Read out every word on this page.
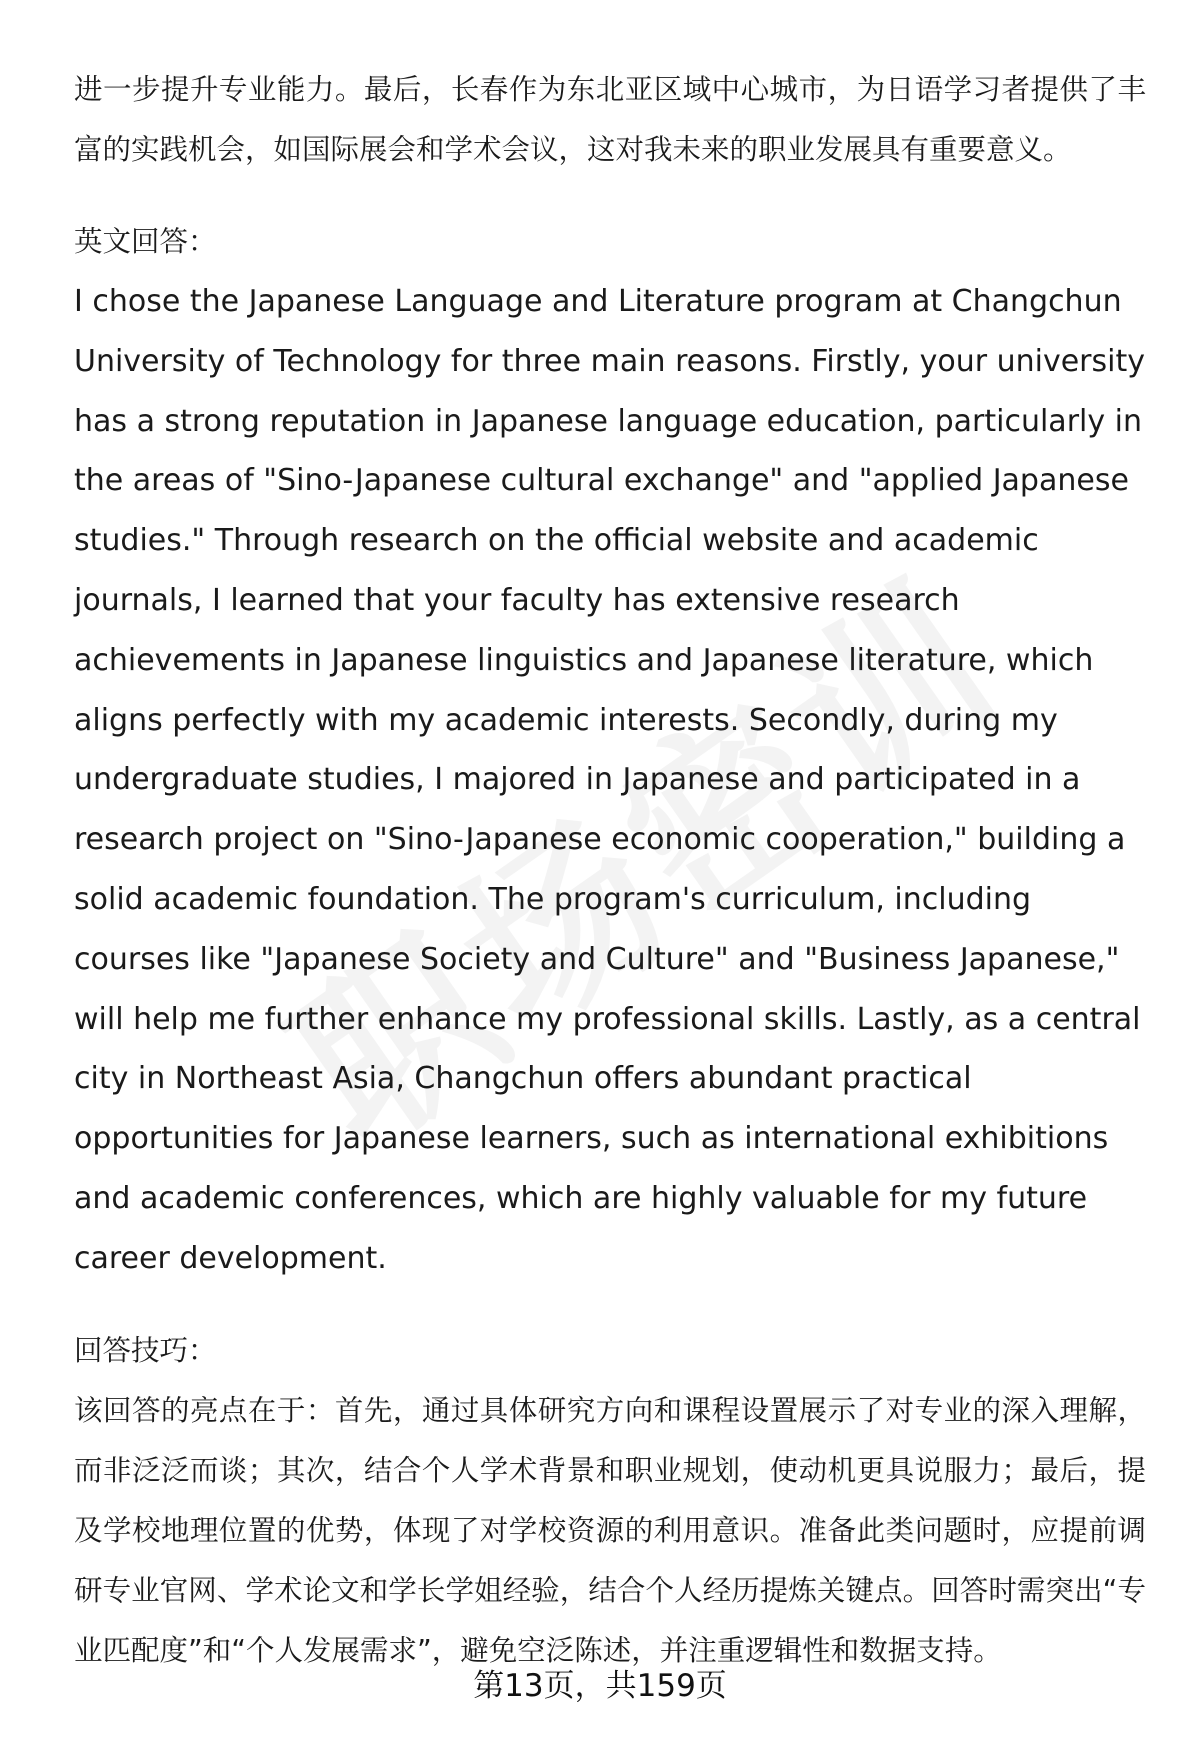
进一步提升专业能力。最后，长春作为东北亚区域中心城市，为日语学习者提供了丰富的实践机会，如国际展会和学术会议，这对我未来的职业发展具有重要意义。

英文回答：

I chose the Japanese Language and Literature program at Changchun University of Technology for three main reasons. Firstly, your university has a strong reputation in Japanese language education, particularly in the areas of "Sino-Japanese cultural exchange" and "applied Japanese studies." Through research on the official website and academic journals, I learned that your faculty has extensive research achievements in Japanese linguistics and Japanese literature, which aligns perfectly with my academic interests. Secondly, during my undergraduate studies, I majored in Japanese and participated in a research project on "Sino-Japanese economic cooperation," building a solid academic foundation. The program's curriculum, including courses like "Japanese Society and Culture" and "Business Japanese," will help me further enhance my professional skills. Lastly, as a central city in Northeast Asia, Changchun offers abundant practical opportunities for Japanese learners, such as international exhibitions and academic conferences, which are highly valuable for my future career development.

回答技巧：

该回答的亮点在于：首先，通过具体研究方向和课程设置展示了对专业的深入理解，而非泛泛而谈；其次，结合个人学术背景和职业规划，使动机更具说服力；最后，提及学校地理位置的优势，体现了对学校资源的利用意识。准备此类问题时，应提前调研专业官网、学术论文和学长学姐经验，结合个人经历提炼关键点。回答时需突出“专业匹配度”和“个人发展需求”，避免空泛陈述，并注重逻辑性和数据支持。

第13页，共159页
